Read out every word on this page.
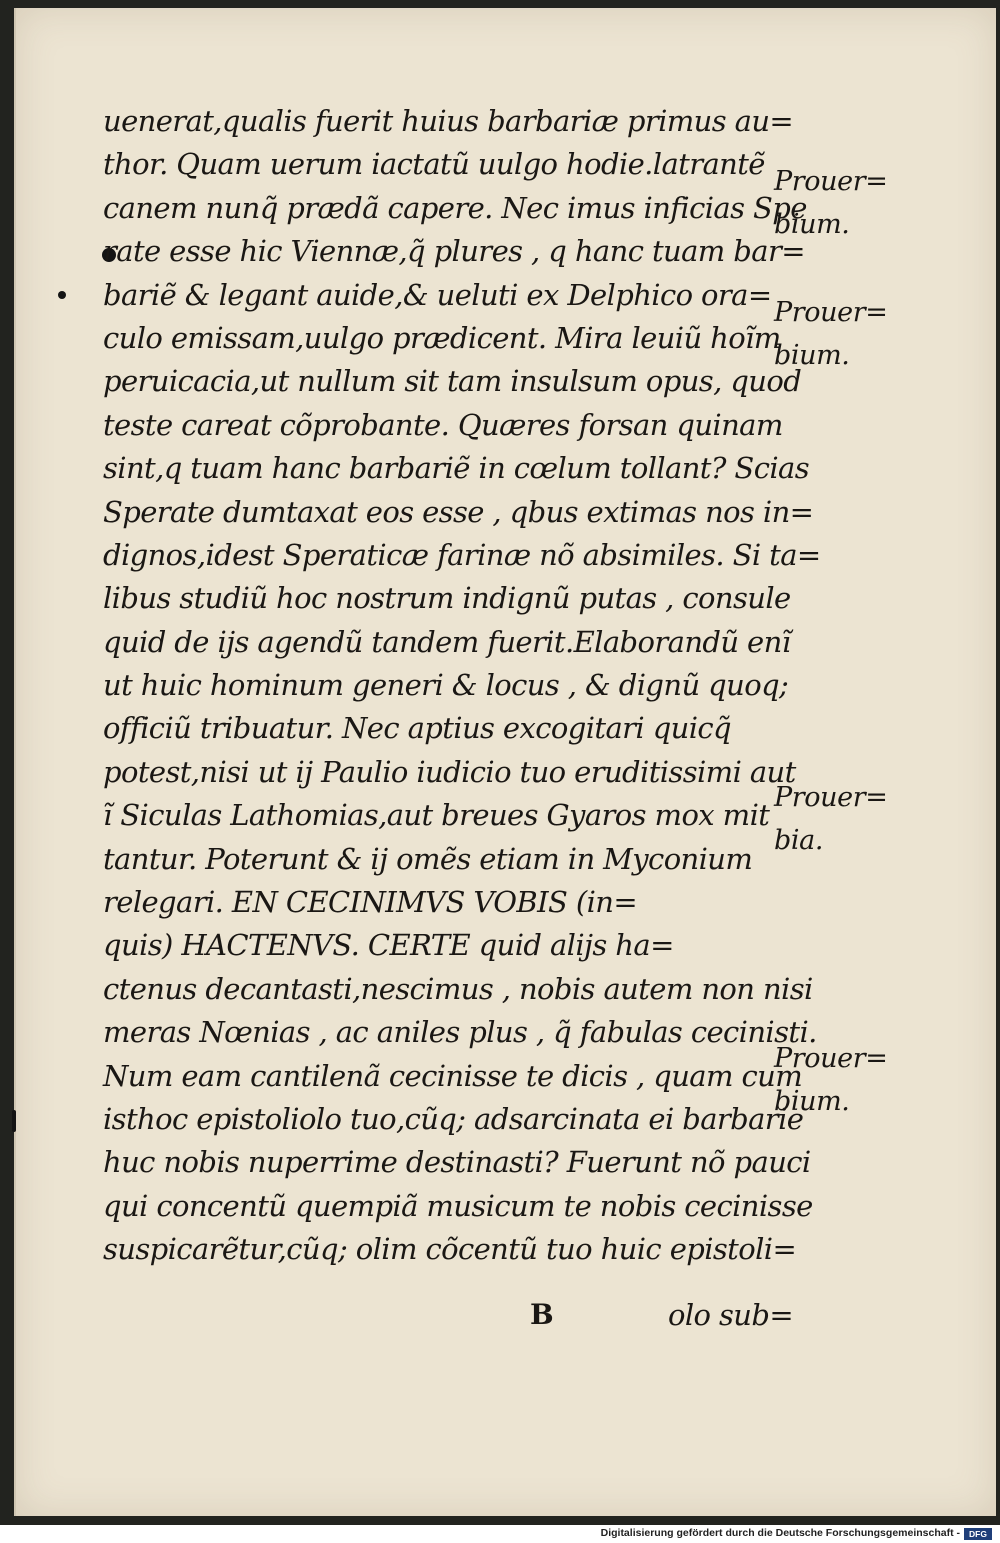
uenerat,qualis fuerit huius barbariæ primus au=
thor. Quam uerum iactatũ uulgo hodie.latrantẽ
canem nunq̃ prædã capere. Nec imus inficias Spe
rate esse hic Viennæ,q̃ plures , q hanc tuam bar=
bariẽ & legant auide,& ueluti ex Delphico ora=
culo emissam,uulgo prædicent. Mira leuiũ hoĩm
peruicacia,ut nullum sit tam insulsum opus, quod
teste careat cõprobante. Quæres forsan quinam
sint,q tuam hanc barbariẽ in cœlum tollant? Scias
Sperate dumtaxat eos esse , qbus extimas nos in=
dignos,idest Speraticæ farinæ nõ absimiles. Si ta=
libus studiũ hoc nostrum indignũ putas , consule
quid de ijs agendũ tandem fuerit.Elaborandũ enĩ
ut huic hominum generi & locus , & dignũ quoq;
officiũ tribuatur. Nec aptius excogitari quicq̃
potest,nisi ut ij Paulio iudicio tuo eruditissimi aut
ĩ Siculas Lathomias,aut breues Gyaros mox mit
tantur. Poterunt & ij omẽs etiam in Myconium
relegari. EN CECINIMVS VOBIS (in=
quis) HACTENVS. CERTE quid alijs ha=
ctenus decantasti,nescimus , nobis autem non nisi
meras Nœnias , ac aniles plus , q̃ fabulas cecinisti.
Num eam cantilenã cecinisse te dicis , quam cum
isthoc epistoliolo tuo,cũq; adsarcinata ei barbarie
huc nobis nuperrime destinasti? Fuerunt nõ pauci
qui concentũ quempiã musicum te nobis cecinisse
suspicarẽtur,cũq; olim cõcentũ tuo huic epistoli=
Prouer=
bium.
Prouer=
bium.
Prouer=
bia.
Prouer=
bium.
B	olo sub=
Digitalisierung gefördert durch die Deutsche Forschungsgemeinschaft -	DFG
